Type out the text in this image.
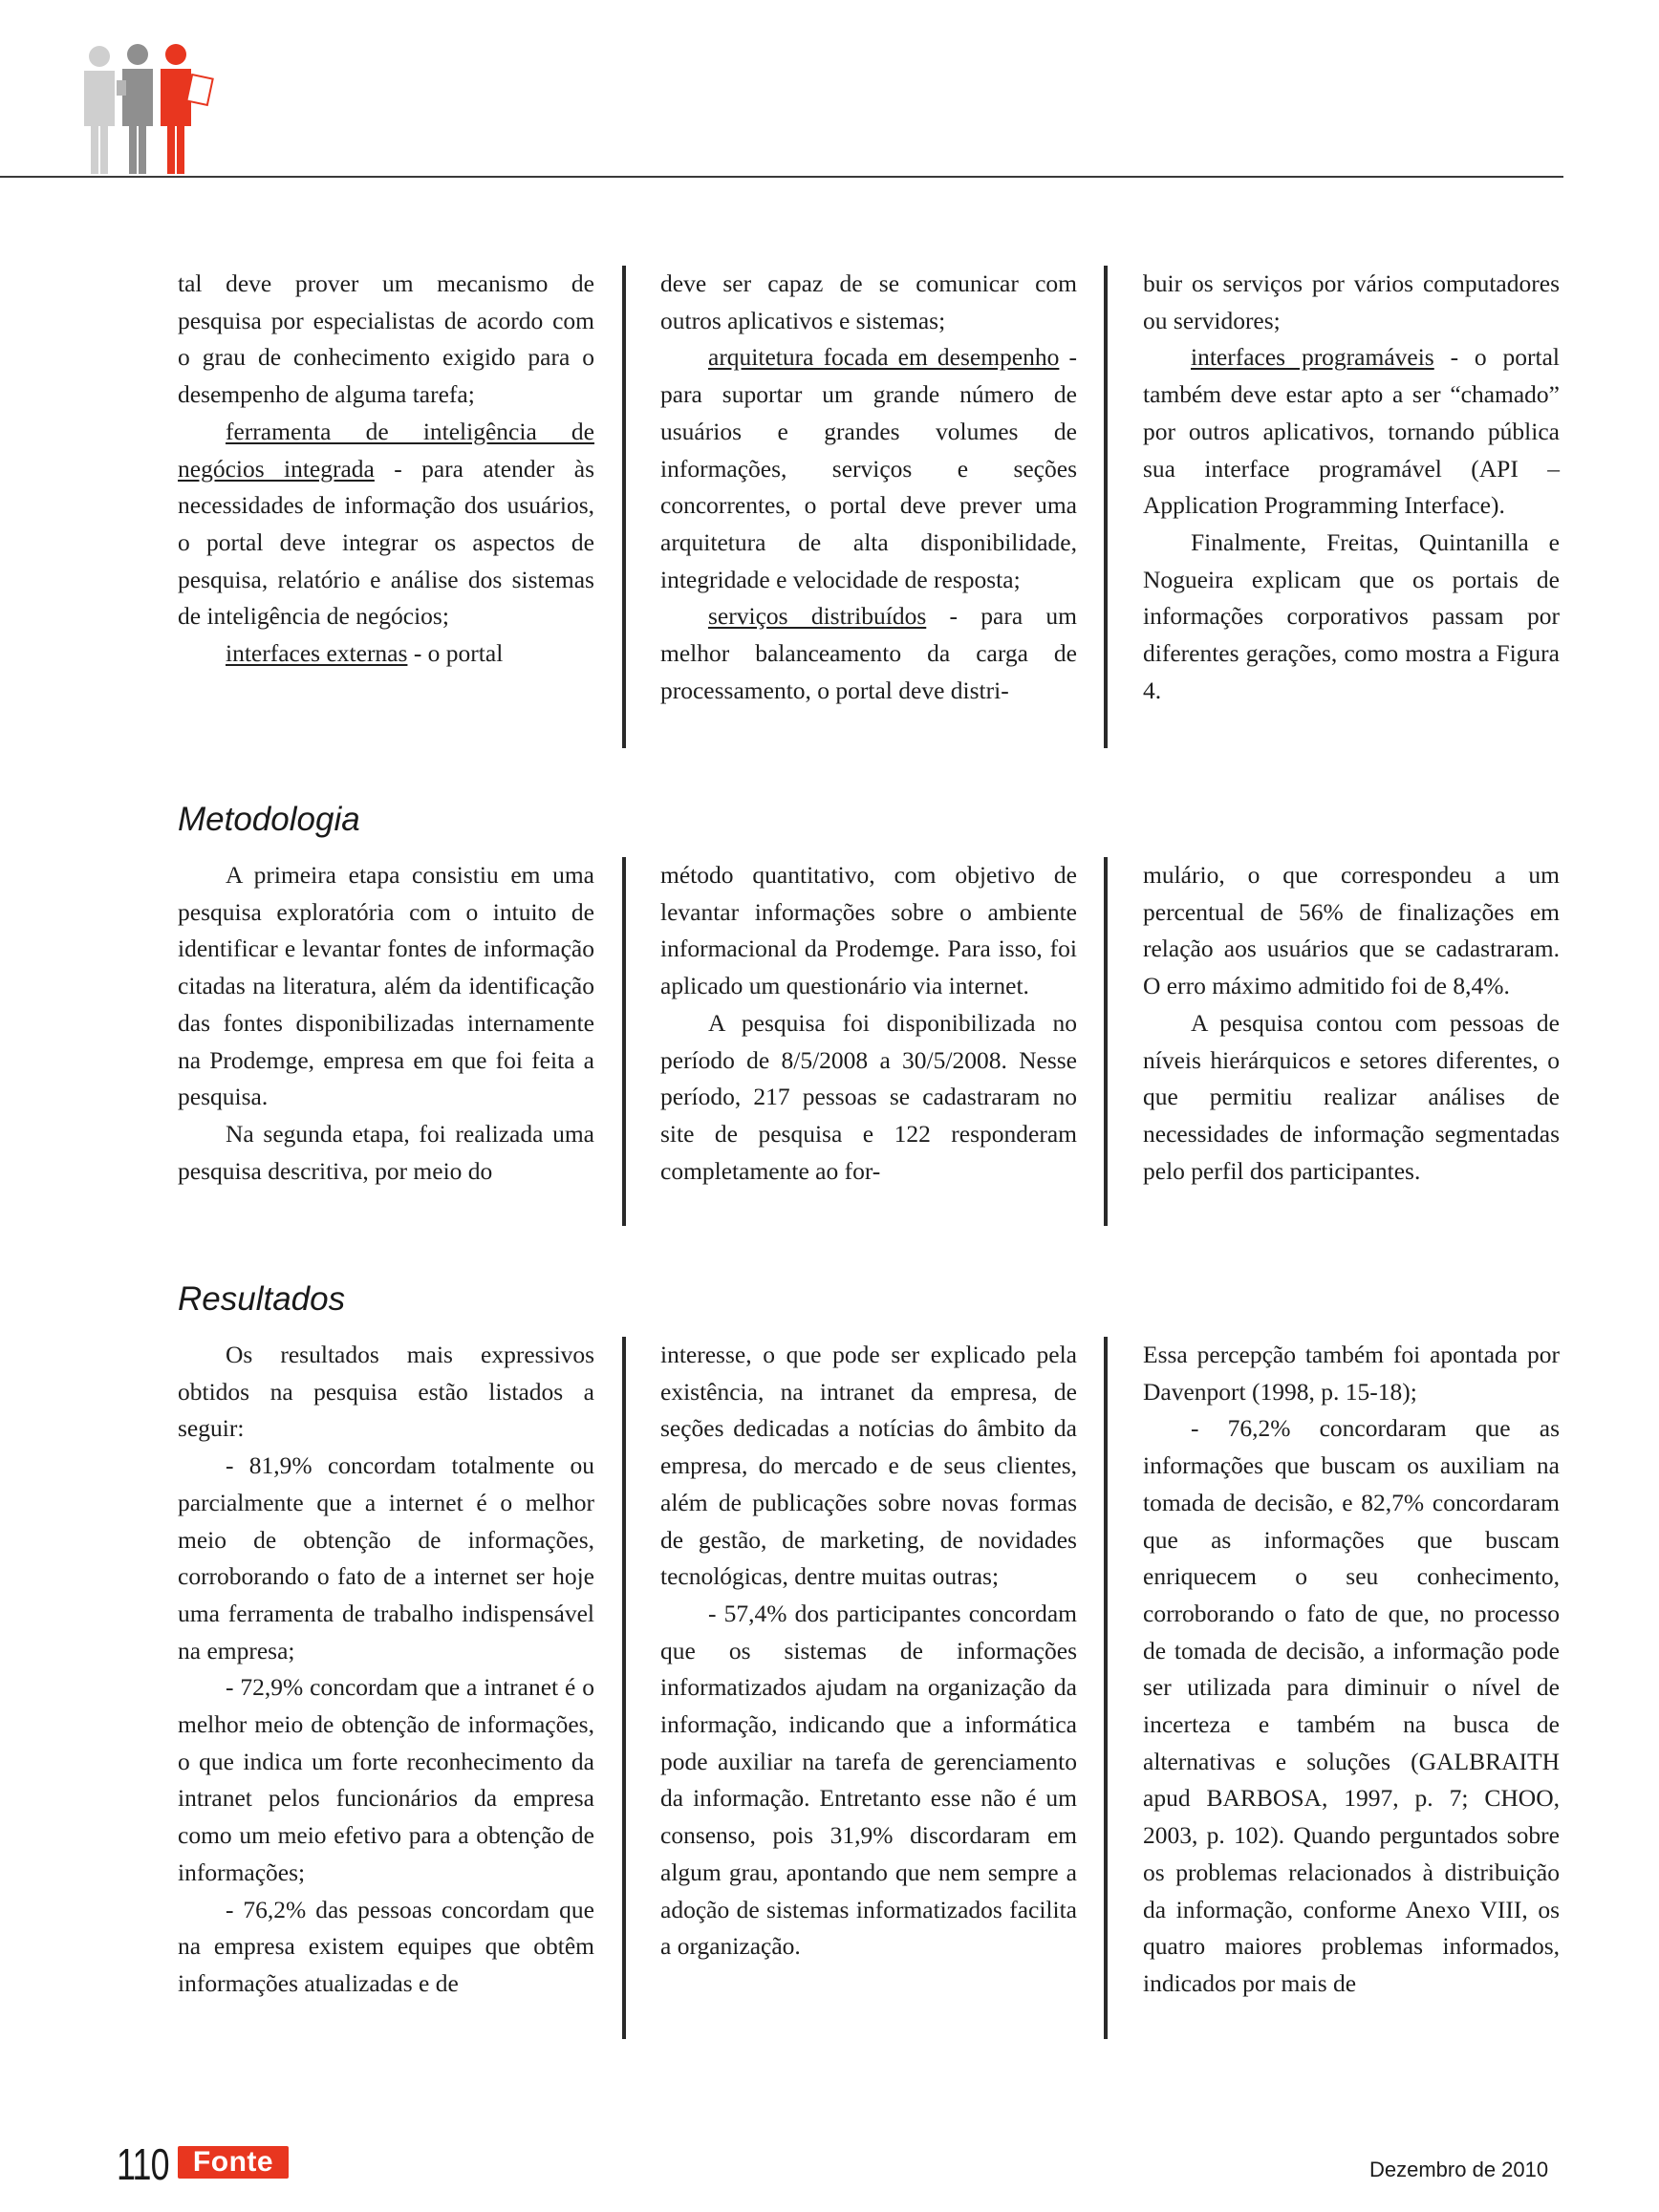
tal deve prover um mecanismo de pesquisa por especialistas de acordo com o grau de conhecimento exigido para o desempenho de alguma tarefa;

ferramenta de inteligência de negócios integrada - para atender às necessidades de informação dos usuários, o portal deve integrar os aspectos de pesquisa, relatório e análise dos sistemas de inteligência de negócios;

interfaces externas - o portal

deve ser capaz de se comunicar com outros aplicativos e sistemas;

arquitetura focada em desempenho - para suportar um grande número de usuários e grandes volumes de informações, serviços e seções concorrentes, o portal deve prever uma arquitetura de alta disponibilidade, integridade e velocidade de resposta;

serviços distribuídos - para um melhor balanceamento da carga de processamento, o portal deve distri-

buir os serviços por vários computadores ou servidores;

interfaces programáveis - o portal também deve estar apto a ser “chamado” por outros aplicativos, tornando pública sua interface programável (API – Application Programming Interface).

Finalmente, Freitas, Quintanilla e Nogueira explicam que os portais de informações corporativos passam por diferentes gerações, como mostra a Figura 4.

Metodologia

A primeira etapa consistiu em uma pesquisa exploratória com o intuito de identificar e levantar fontes de informação citadas na literatura, além da identificação das fontes disponibilizadas internamente na Prodemge, empresa em que foi feita a pesquisa.

Na segunda etapa, foi realizada uma pesquisa descritiva, por meio do

método quantitativo, com objetivo de levantar informações sobre o ambiente informacional da Prodemge. Para isso, foi aplicado um questionário via internet.

A pesquisa foi disponibilizada no período de 8/5/2008 a 30/5/2008. Nesse período, 217 pessoas se cadastraram no site de pesquisa e 122 responderam completamente ao for-

mulário, o que correspondeu a um percentual de 56% de finalizações em relação aos usuários que se cadastraram. O erro máximo admitido foi de 8,4%.

A pesquisa contou com pessoas de níveis hierárquicos e setores diferentes, o que permitiu realizar análises de necessidades de informação segmentadas pelo perfil dos participantes.

Resultados

Os resultados mais expressivos obtidos na pesquisa estão listados a seguir:

- 81,9% concordam totalmente ou parcialmente que a internet é o melhor meio de obtenção de informações, corroborando o fato de a internet ser hoje uma ferramenta de trabalho indispensável na empresa;

- 72,9% concordam que a intranet é o melhor meio de obtenção de informações, o que indica um forte reconhecimento da intranet pelos funcionários da empresa como um meio efetivo para a obtenção de informações;

- 76,2% das pessoas concordam que na empresa existem equipes que obtêm informações atualizadas e de

interesse, o que pode ser explicado pela existência, na intranet da empresa, de seções dedicadas a notícias do âmbito da empresa, do mercado e de seus clientes, além de publicações sobre novas formas de gestão, de marketing, de novidades tecnológicas, dentre muitas outras;

- 57,4% dos participantes concordam que os sistemas de informações informatizados ajudam na organização da informação, indicando que a informática pode auxiliar na tarefa de gerenciamento da informação. Entretanto esse não é um consenso, pois 31,9% discordaram em algum grau, apontando que nem sempre a adoção de sistemas informatizados facilita a organização.

Essa percepção também foi apontada por Davenport (1998, p. 15-18);

- 76,2% concordaram que as informações que buscam os auxiliam na tomada de decisão, e 82,7% concordaram que as informações que buscam enriquecem o seu conhecimento, corroborando o fato de que, no processo de tomada de decisão, a informação pode ser utilizada para diminuir o nível de incerteza e também na busca de alternativas e soluções (GALBRAITH apud BARBOSA, 1997, p. 7; CHOO, 2003, p. 102). Quando perguntados sobre os problemas relacionados à distribuição da informação, conforme Anexo VIII, os quatro maiores problemas informados, indicados por mais de

110 Fonte	Dezembro de 2010
